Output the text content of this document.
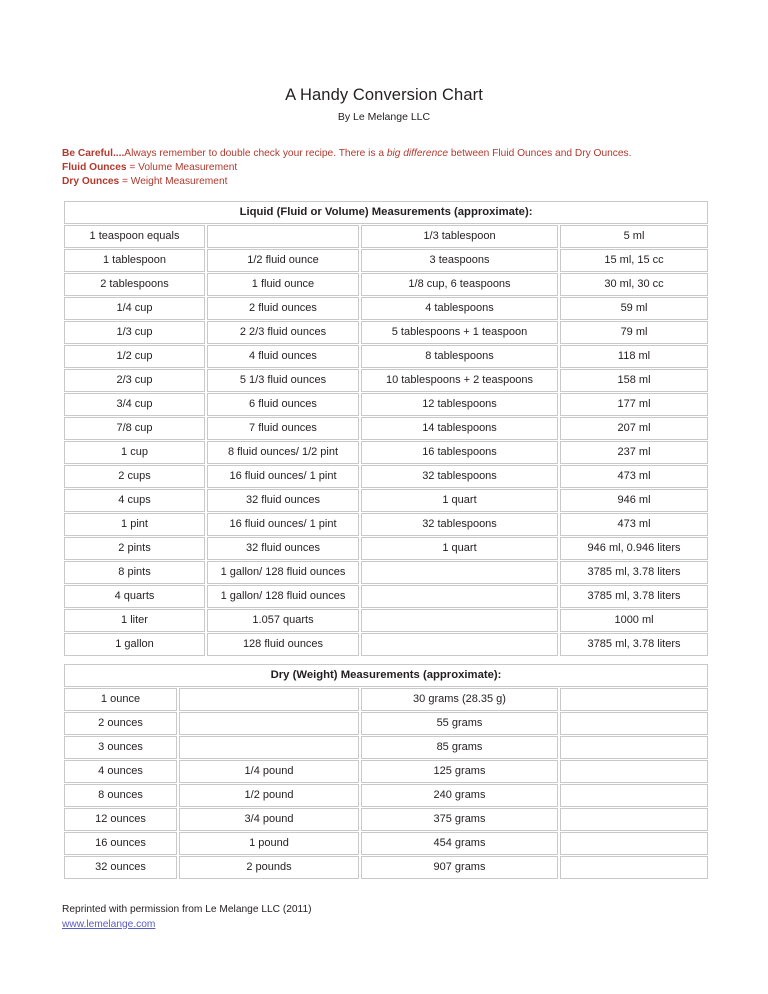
A Handy Conversion Chart

By Le Melange LLC

Be Careful....Always remember to double check your recipe. There is a big difference between Fluid Ounces and Dry Ounces.
Fluid Ounces = Volume Measurement
Dry Ounces = Weight Measurement
Liquid (Fluid or Volume) Measurements (approximate):			
1 teaspoon equals		1/3 tablespoon	5 ml
1 tablespoon	1/2 fluid ounce	3 teaspoons	15 ml, 15 cc
2 tablespoons	1 fluid ounce	1/8 cup, 6 teaspoons	30 ml, 30 cc
1/4 cup	2 fluid ounces	4 tablespoons	59 ml
1/3 cup	2 2/3 fluid ounces	5 tablespoons + 1 teaspoon	79 ml
1/2 cup	4 fluid ounces	8 tablespoons	118 ml
2/3 cup	5 1/3 fluid ounces	10 tablespoons + 2 teaspoons	158 ml
3/4 cup	6 fluid ounces	12 tablespoons	177 ml
7/8 cup	7 fluid ounces	14 tablespoons	207 ml
1 cup	8 fluid ounces/ 1/2 pint	16 tablespoons	237 ml
2 cups	16 fluid ounces/ 1 pint	32 tablespoons	473 ml
4 cups	32 fluid ounces	1 quart	946 ml
1 pint	16 fluid ounces/ 1 pint	32 tablespoons	473 ml
2 pints	32 fluid ounces	1 quart	946 ml, 0.946 liters
8 pints	1 gallon/ 128 fluid ounces		3785 ml, 3.78 liters
4 quarts	1 gallon/ 128 fluid ounces		3785 ml, 3.78 liters
1 liter	1.057 quarts		1000 ml
1 gallon	128 fluid ounces		3785 ml, 3.78 liters
Dry (Weight) Measurements (approximate):			
1 ounce		30 grams (28.35 g)	
2 ounces		55 grams	
3 ounces		85 grams	
4 ounces	1/4 pound	125 grams	
8 ounces	1/2 pound	240 grams	
12 ounces	3/4 pound	375 grams	
16 ounces	1 pound	454 grams	
32 ounces	2 pounds	907 grams	
Reprinted with permission from Le Melange LLC (2011)
www.lemelange.com
